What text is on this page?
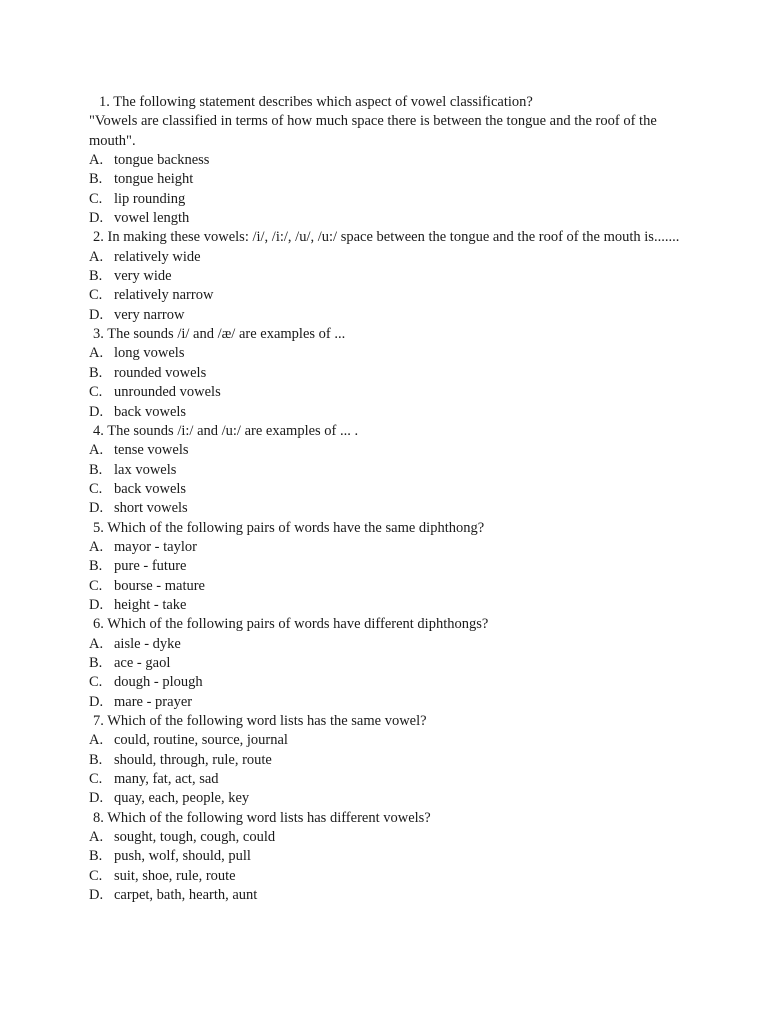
1. The following statement describes which aspect of vowel classification?

"Vowels are classified in terms of how much space there is between the tongue and the roof of the mouth".

A. tongue backness
B. tongue height
C. lip rounding
D. vowel length

2. In making these vowels: /i/, /i:/, /u/, /u:/ space between the tongue and the roof of the mouth is.......

A. relatively wide
B. very wide
C. relatively narrow
D. very narrow

3. The sounds /i/ and /æ/ are examples of ...

A. long vowels
B. rounded vowels
C. unrounded vowels
D. back vowels

4. The sounds /i:/ and /u:/ are examples of ... .

A. tense vowels
B. lax vowels
C. back vowels
D. short vowels

5. Which of the following pairs of words have the same diphthong?

A. mayor - taylor
B. pure - future
C. bourse - mature
D. height - take

6. Which of the following pairs of words have different diphthongs?

A. aisle - dyke
B. ace - gaol
C. dough - plough
D. mare - prayer

7. Which of the following word lists has the same vowel?

A. could, routine, source, journal
B. should, through, rule, route
C. many, fat, act, sad
D. quay, each, people, key

8. Which of the following word lists has different vowels?

A. sought, tough, cough, could
B. push, wolf, should, pull
C. suit, shoe, rule, route
D. carpet, bath, hearth, aunt
